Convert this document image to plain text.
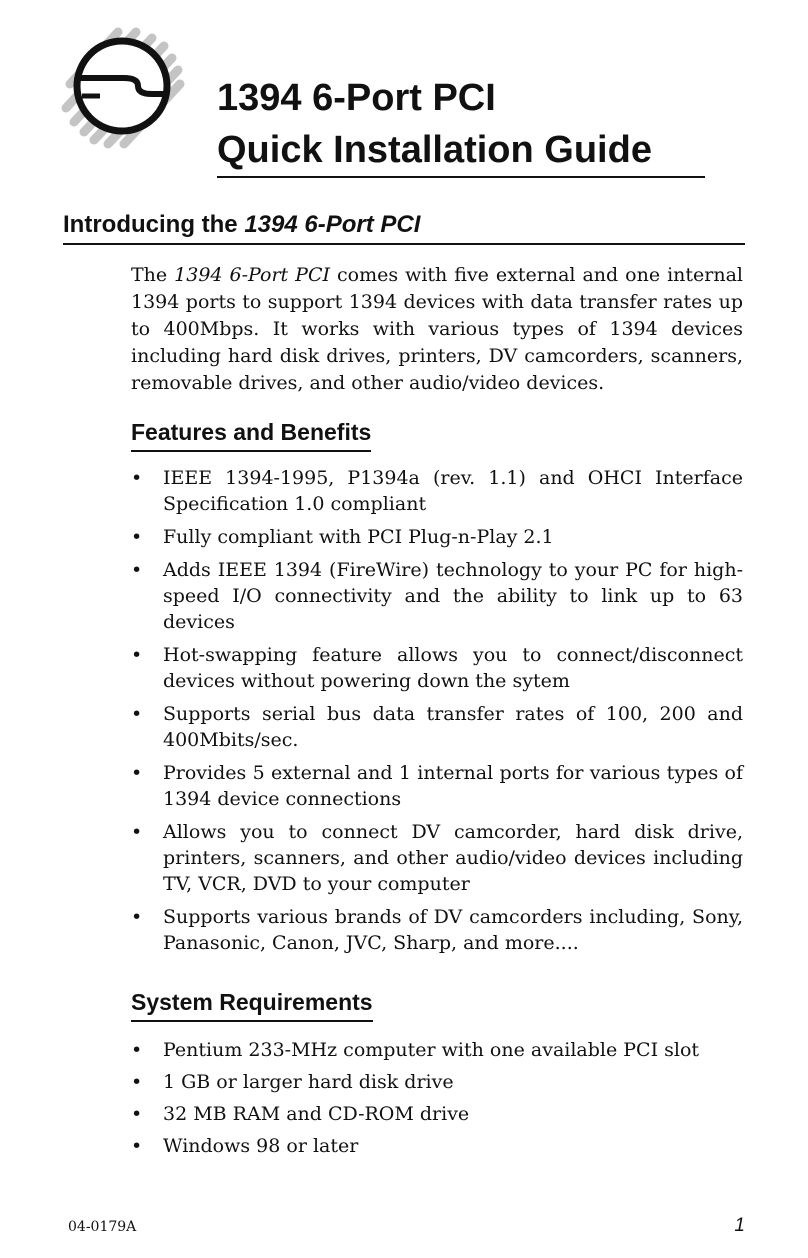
1394 6-Port PCI
Quick Installation Guide
Introducing the 1394 6-Port PCI
The 1394 6-Port PCI comes with five external and one internal 1394 ports to support 1394 devices with data transfer rates up to 400Mbps. It works with various types of 1394 devices including hard disk drives, printers, DV camcorders, scanners, removable drives, and other audio/video devices.
Features and Benefits
• IEEE 1394-1995, P1394a (rev. 1.1) and OHCI Interface Specification 1.0 compliant
• Fully compliant with PCI Plug-n-Play 2.1
• Adds IEEE 1394 (FireWire) technology to your PC for high-speed I/O connectivity and the ability to link up to 63 devices
• Hot-swapping feature allows you to connect/disconnect devices without powering down the sytem
• Supports serial bus data transfer rates of 100, 200 and 400Mbits/sec.
• Provides 5 external and 1 internal ports for various types of 1394 device connections
• Allows you to connect DV camcorder, hard disk drive, printers, scanners, and other audio/video devices including TV, VCR, DVD to your computer
• Supports various brands of DV camcorders including, Sony, Panasonic, Canon, JVC, Sharp, and more....
System Requirements
• Pentium 233-MHz computer with one available PCI slot
• 1 GB or larger hard disk drive
• 32 MB RAM and CD-ROM drive
• Windows 98 or later
04-0179A	1
